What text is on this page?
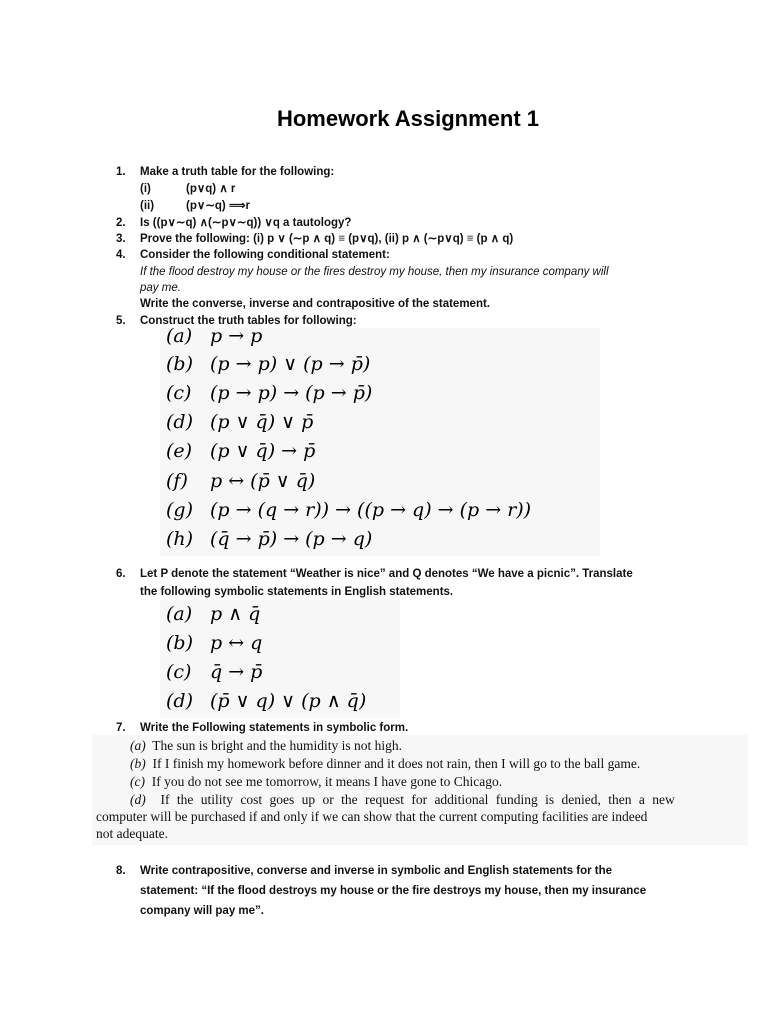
Homework Assignment 1
1. Make a truth table for the following:
(i)	(p∨q) ∧ r
(ii)	(p∨∼q) ⟹r
2. Is ((p∨∼q) ∧(∼p∨∼q)) ∨q a tautology?
3. Prove the following: (i) p ∨ (∼p ∧ q) ≡ (p∨q), (ii) p ∧ (∼p∨q) ≡ (p ∧ q)
4. Consider the following conditional statement:
If the flood destroy my house or the fires destroy my house, then my insurance company will
pay me.
Write the converse, inverse and contrapositive of the statement.
5. Construct the truth tables for following:
(a) p → p
(b) (p → p) ∨ (p → p̄)
(c) (p → p) → (p → p̄)
(d) (p ∨ q̄) ∨ p̄
(e) (p ∨ q̄) → p̄
(f) p ↔ (p̄ ∨ q̄)
(g) (p → (q → r)) → ((p → q) → (p → r))
(h) (q̄ → p̄) → (p → q)
6. Let P denote the statement “Weather is nice” and Q denotes “We have a picnic”. Translate
the following symbolic statements in English statements.
(a) p ∧ q̄
(b) p ↔ q
(c) q̄ → p̄
(d) (p̄ ∨ q) ∨ (p ∧ q̄)
7. Write the Following statements in symbolic form.
(a) The sun is bright and the humidity is not high.
(b) If I finish my homework before dinner and it does not rain, then I will go to the ball game.
(c) If you do not see me tomorrow, it means I have gone to Chicago.
(d) If the utility cost goes up or the request for additional funding is denied, then a new
computer will be purchased if and only if we can show that the current computing facilities are indeed
not adequate.
8. Write contrapositive, converse and inverse in symbolic and English statements for the
statement: “If the flood destroys my house or the fire destroys my house, then my insurance
company will pay me”.
